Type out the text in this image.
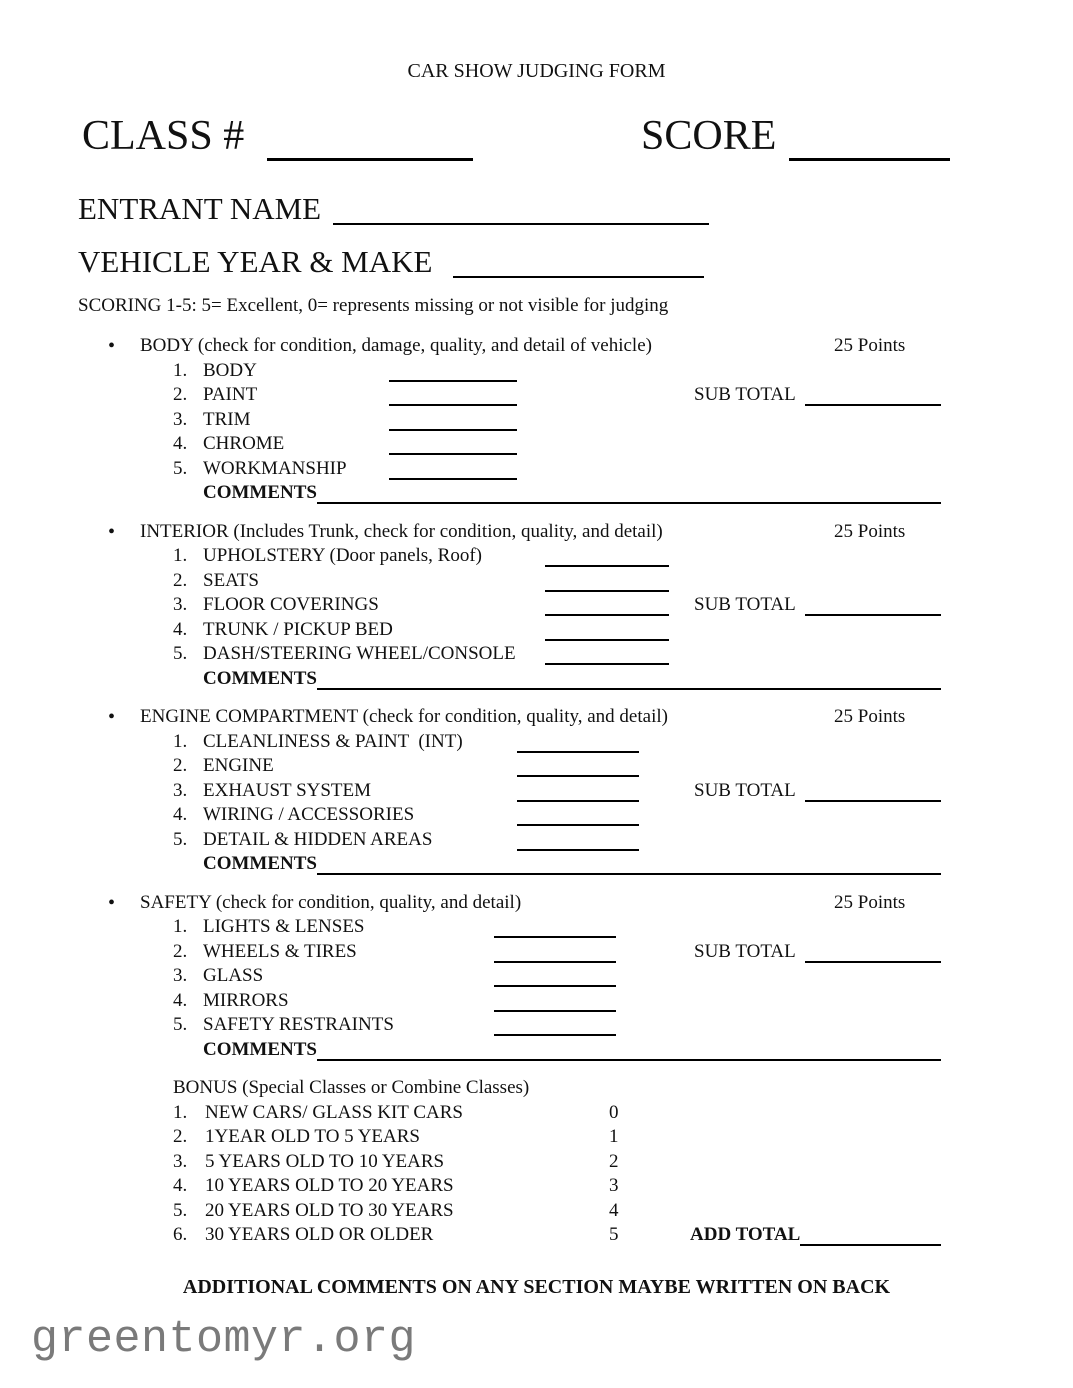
CAR SHOW JUDGING FORM
CLASS #	SCORE
ENTRANT NAME
VEHICLE YEAR & MAKE
SCORING 1-5: 5= Excellent, 0= represents missing or not visible for judging
• BODY (check for condition, damage, quality, and detail of vehicle)	25 Points
1. BODY
2. PAINT	SUB TOTAL
3. TRIM
4. CHROME
5. WORKMANSHIP
COMMENTS
• INTERIOR (Includes Trunk, check for condition, quality, and detail)	25 Points
1. UPHOLSTERY (Door panels, Roof)
2. SEATS
3. FLOOR COVERINGS	SUB TOTAL
4. TRUNK / PICKUP BED
5. DASH/STEERING WHEEL/CONSOLE
COMMENTS
• ENGINE COMPARTMENT (check for condition, quality, and detail)	25 Points
1. CLEANLINESS & PAINT  (INT)
2. ENGINE
3. EXHAUST SYSTEM	SUB TOTAL
4. WIRING / ACCESSORIES
5. DETAIL & HIDDEN AREAS
COMMENTS
• SAFETY (check for condition, quality, and detail)	25 Points
1. LIGHTS & LENSES
2. WHEELS & TIRES	SUB TOTAL
3. GLASS
4. MIRRORS
5. SAFETY RESTRAINTS
COMMENTS
BONUS (Special Classes or Combine Classes)
1. NEW CARS/ GLASS KIT CARS	0
2. 1YEAR OLD TO 5 YEARS	1
3. 5 YEARS OLD TO 10 YEARS	2
4. 10 YEARS OLD TO 20 YEARS	3
5. 20 YEARS OLD TO 30 YEARS	4
6. 30 YEARS OLD OR OLDER	5	ADD TOTAL
ADDITIONAL COMMENTS ON ANY SECTION MAYBE WRITTEN ON BACK
greentomyr.org
